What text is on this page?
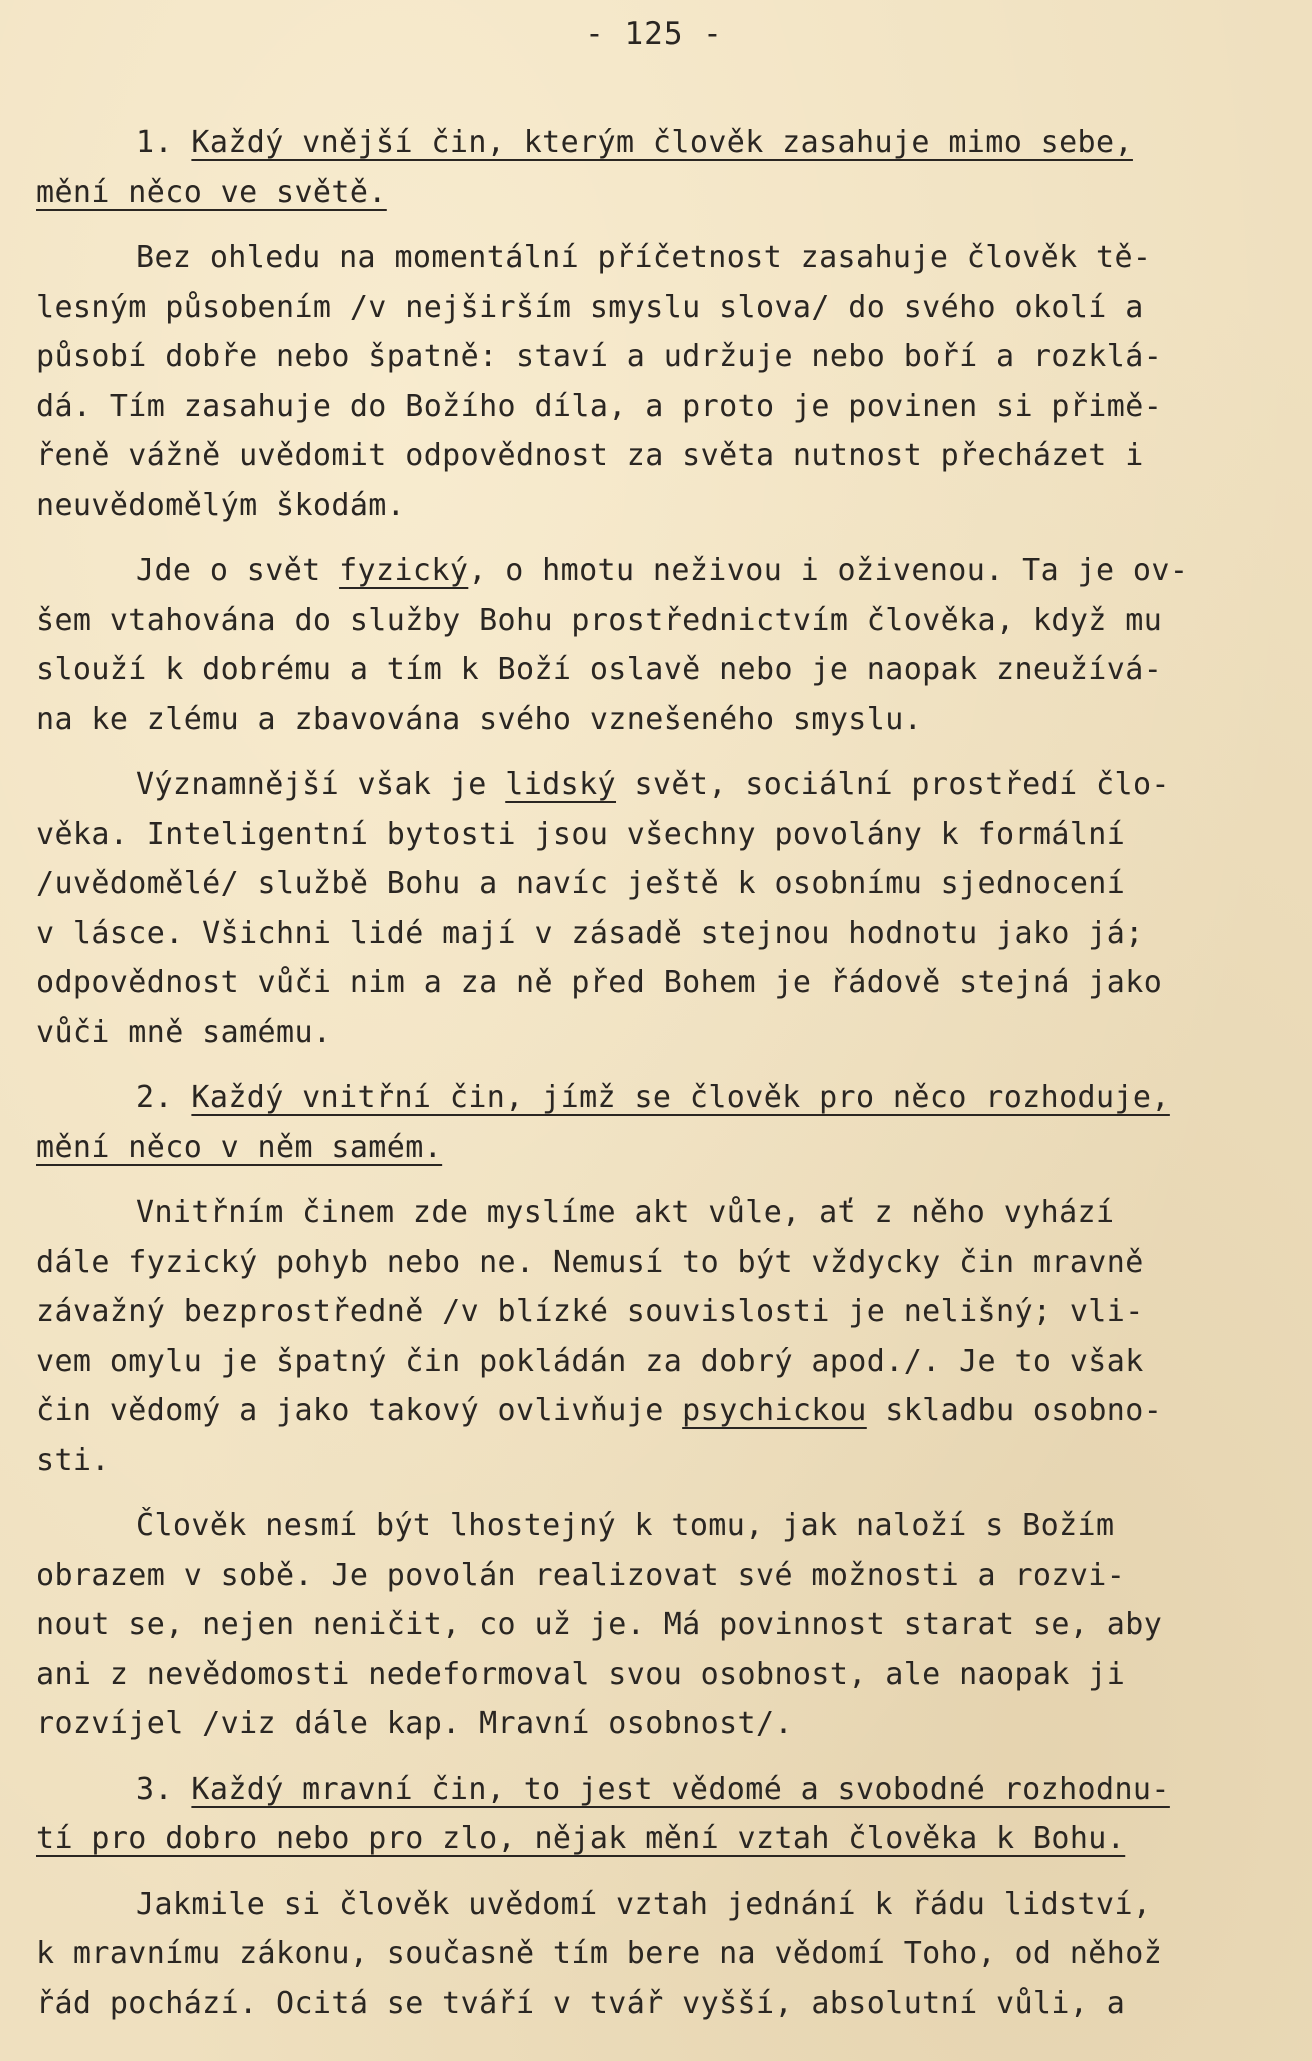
- 125 -
1. Každý vnější čin, kterým člověk zasahuje mimo sebe,
mění něco ve světě.
Bez ohledu na momentální příčetnost zasahuje člověk tě-
lesným působením /v nejširším smyslu slova/ do svého okolí a
působí dobře nebo špatně: staví a udržuje nebo boří a rozklá-
dá. Tím zasahuje do Božího díla, a proto je povinen si přimě-
řeně vážně uvědomit odpovědnost za světa nutnost přecházet i
neuvědomělým škodám.
Jde o svět fyzický, o hmotu neživou i oživenou. Ta je ov-
šem vtahována do služby Bohu prostřednictvím člověka, když mu
slouží k dobrému a tím k Boží oslavě nebo je naopak zneužívá-
na ke zlému a zbavována svého vznešeného smyslu.
Významnější však je lidský svět, sociální prostředí člo-
věka. Inteligentní bytosti jsou všechny povolány k formální
/uvědomělé/ službě Bohu a navíc ještě k osobnímu sjednocení
v lásce. Všichni lidé mají v zásadě stejnou hodnotu jako já;
odpovědnost vůči nim a za ně před Bohem je řádově stejná jako
vůči mně samému.
2. Každý vnitřní čin, jímž se člověk pro něco rozhoduje,
mění něco v něm samém.
Vnitřním činem zde myslíme akt vůle, ať z něho vyhází
dále fyzický pohyb nebo ne. Nemusí to být vždycky čin mravně
závažný bezprostředně /v blízké souvislosti je nelišný; vli-
vem omylu je špatný čin pokládán za dobrý apod./. Je to však
čin vědomý a jako takový ovlivňuje psychickou skladbu osobno-
sti.
Člověk nesmí být lhostejný k tomu, jak naloží s Božím
obrazem v sobě. Je povolán realizovat své možnosti a rozvi-
nout se, nejen neničit, co už je. Má povinnost starat se, aby
ani z nevědomosti nedeformoval svou osobnost, ale naopak ji
rozvíjel /viz dále kap. Mravní osobnost/.
3. Každý mravní čin, to jest vědomé a svobodné rozhodnu-
tí pro dobro nebo pro zlo, nějak mění vztah člověka k Bohu.
Jakmile si člověk uvědomí vztah jednání k řádu lidství,
k mravnímu zákonu, současně tím bere na vědomí Toho, od něhož
řád pochází. Ocitá se tváří v tvář vyšší, absolutní vůli, a
